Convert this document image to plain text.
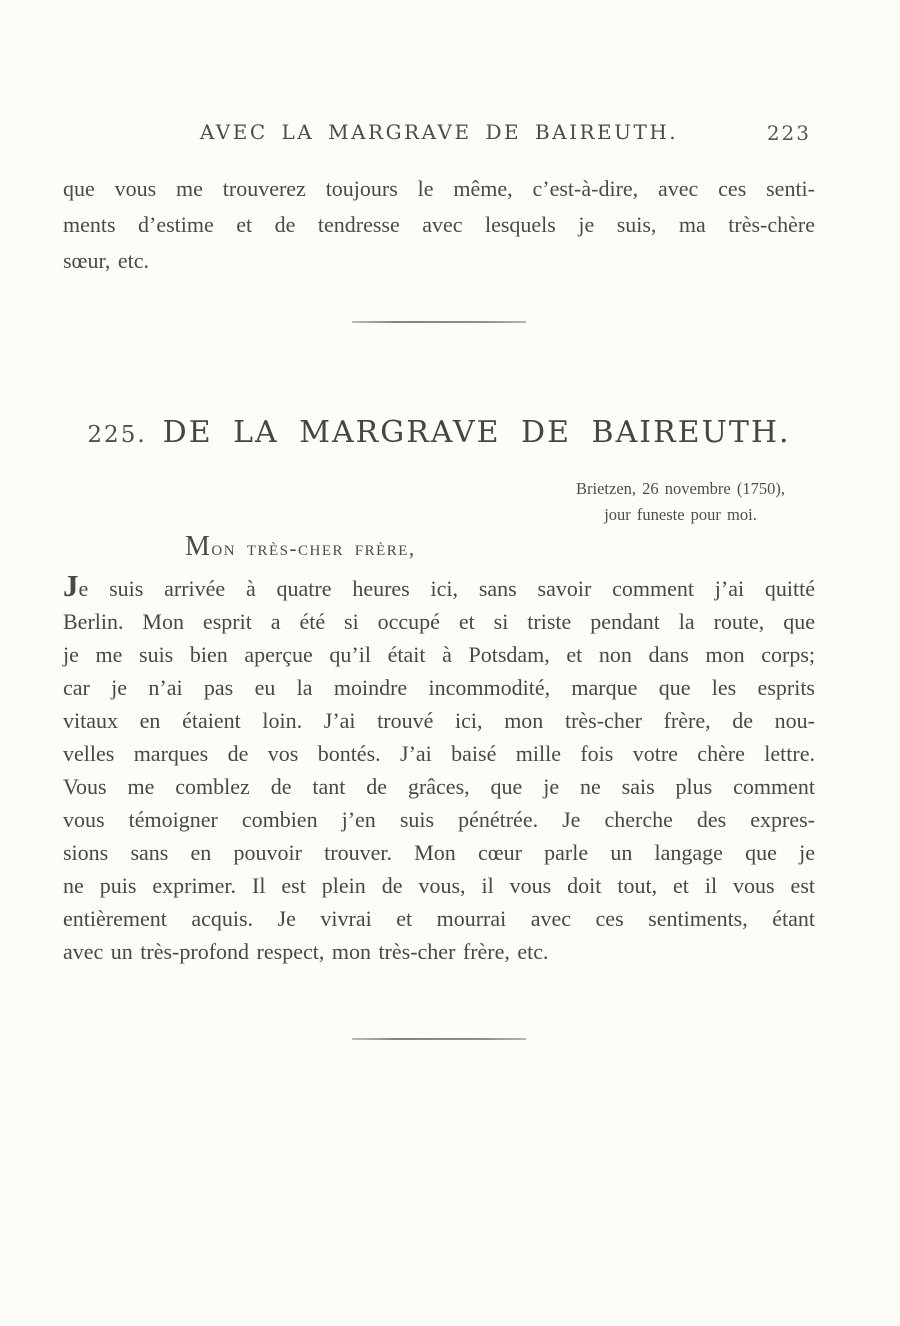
AVEC LA MARGRAVE DE BAIREUTH.	223
que vous me trouverez toujours le même, c’est-à-dire, avec ces senti-
ments d’estime et de tendresse avec lesquels je suis, ma très-chère
sœur, etc.
225. DE LA MARGRAVE DE BAIREUTH.
Brietzen, 26 novembre (1750),
jour funeste pour moi.
Mon très-cher frère,
Je suis arrivée à quatre heures ici, sans savoir comment j’ai quitté
Berlin. Mon esprit a été si occupé et si triste pendant la route, que
je me suis bien aperçue qu’il était à Potsdam, et non dans mon corps;
car je n’ai pas eu la moindre incommodité, marque que les esprits
vitaux en étaient loin. J’ai trouvé ici, mon très-cher frère, de nou-
velles marques de vos bontés. J’ai baisé mille fois votre chère lettre.
Vous me comblez de tant de grâces, que je ne sais plus comment
vous témoigner combien j’en suis pénétrée. Je cherche des expres-
sions sans en pouvoir trouver. Mon cœur parle un langage que je
ne puis exprimer. Il est plein de vous, il vous doit tout, et il vous est
entièrement acquis. Je vivrai et mourrai avec ces sentiments, étant
avec un très-profond respect, mon très-cher frère, etc.
